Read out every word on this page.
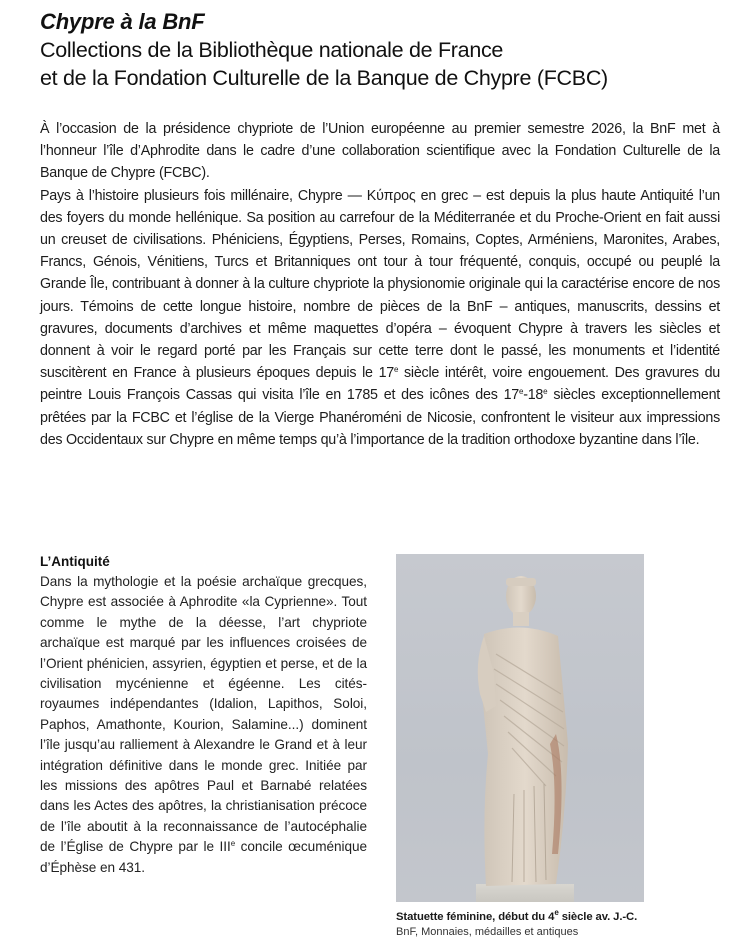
Chypre à la BnF
Collections de la Bibliothèque nationale de France
et de la Fondation Culturelle de la Banque de Chypre (FCBC)

À l’occasion de la présidence chypriote de l’Union européenne au premier semestre 2026, la BnF met à l’honneur l’île d’Aphrodite dans le cadre d’une collaboration scientifique avec la Fondation Culturelle de la Banque de Chypre (FCBC).

Pays à l’histoire plusieurs fois millénaire, Chypre — Κύπρος en grec – est depuis la plus haute Antiquité l’un des foyers du monde hellénique. Sa position au carrefour de la Méditerranée et du Proche-Orient en fait aussi un creuset de civilisations. Phéniciens, Égyptiens, Perses, Romains, Coptes, Arméniens, Maronites, Arabes, Francs, Génois, Vénitiens, Turcs et Britanniques ont tour à tour fréquenté, conquis, occupé ou peuplé la Grande Île, contribuant à donner à la culture chypriote la physionomie originale qui la caractérise encore de nos jours. Témoins de cette longue histoire, nombre de pièces de la BnF – antiques, manuscrits, dessins et gravures, documents d’archives et même maquettes d’opéra – évoquent Chypre à travers les siècles et donnent à voir le regard porté par les Français sur cette terre dont le passé, les monuments et l’identité suscitèrent en France à plusieurs époques depuis le 17e siècle intérêt, voire engouement. Des gravures du peintre Louis François Cassas qui visita l’île en 1785 et des icônes des 17e-18e siècles exceptionnellement prêtées par la FCBC et l’église de la Vierge Phanéroméni de Nicosie, confrontent le visiteur aux impressions des Occidentaux sur Chypre en même temps qu’à l’importance de la tradition orthodoxe byzantine dans l’île.

L’Antiquité
Dans la mythologie et la poésie archaïque grecques, Chypre est associée à Aphrodite «la Cyprienne». Tout comme le mythe de la déesse, l’art chypriote archaïque est marqué par les influences croisées de l’Orient phénicien, assyrien, égyptien et perse, et de la civilisation mycénienne et égéenne. Les cités-royaumes indépendantes (Idalion, Lapithos, Soloi, Paphos, Amathonte, Kourion, Salamine...) dominent l’île jusqu’au ralliement à Alexandre le Grand et à leur intégration définitive dans le monde grec. Initiée par les missions des apôtres Paul et Barnabé relatées dans les Actes des apôtres, la christianisation précoce de l’île aboutit à la reconnaissance de l’autocéphalie de l’Église de Chypre par le IIIe concile œcuménique d’Éphèse en 431.
Statuette féminine, début du 4e siècle av. J.-C.
BnF, Monnaies, médailles et antiques
